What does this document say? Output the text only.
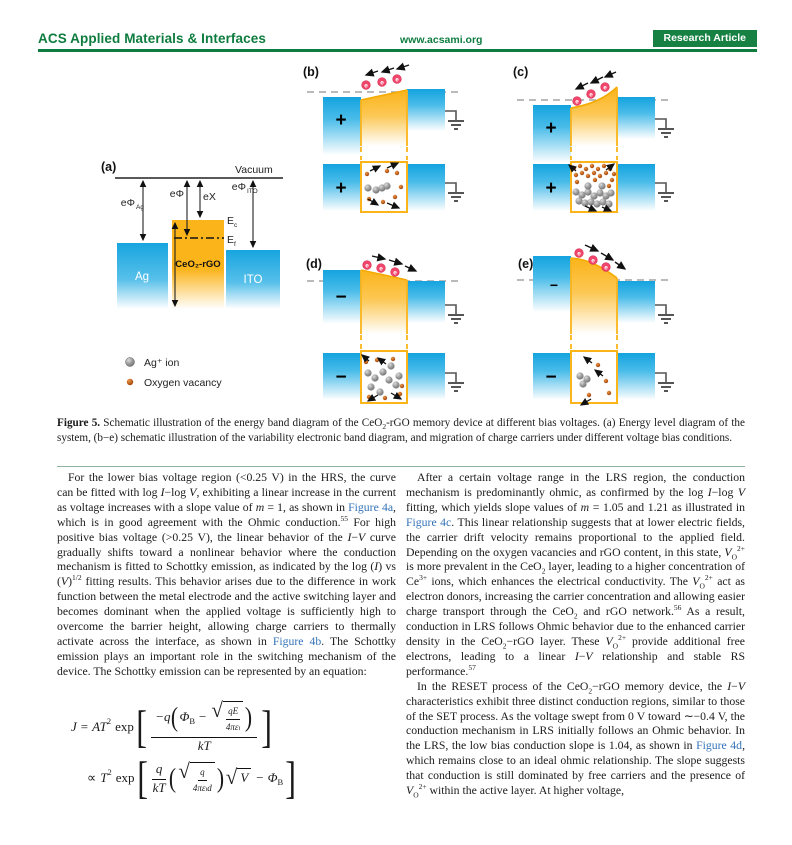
ACS Applied Materials & Interfaces	www.acsami.org	Research Article
(a)	Vacuum
Ag	ITO
CeO₂-rGO
E c
E f
eΦ Ag
eΦ eX
eΦ ITO
Ag⁺ ion
Oxygen vacancy
(b)
+
e e e
+
(c)
+
e
e
e
+
(d)
−
e e
e
−
(e)
−
e
e
e
−

Figure 5. Schematic illustration of the energy band diagram of the CeO$_2$-rGO memory device at different bias voltages. (a) Energy level diagram of the system, (b−e) schematic illustration of the variability electronic band diagram, and migration of charge carriers under different voltage bias conditions.

For the lower bias voltage region (<0.25 V) in the HRS, the curve can be fitted with log I−log V, exhibiting a linear increase in the current as voltage increases with a slope value of m = 1, as shown in Figure 4a, which is in good agreement with the Ohmic conduction.$^{55}$ For high positive bias voltage (>0.25 V), the linear behavior of the I−V curve gradually shifts toward a nonlinear behavior where the conduction mechanism is fitted to Schottky emission, as indicated by the log (I) vs $(V)^{1/2}$ fitting results. This behavior arises due to the difference in work function between the metal electrode and the active switching layer and becomes dominant when the applied voltage is sufficiently high to overcome the barrier height, allowing charge carriers to thermally activate across the interface, as shown in Figure 4b. The Schottky emission plays an important role in the switching mechanism of the device. The Schottky emission can be represented by an equation:

J = AT 2 exp [ −q ( Φ B − √ qE
4πε i )
kT ]
∝ T 2 exp [ $\frac{q}{kT}$ ( √ q
4πε i d ) √ V − Φ B ]

After a certain voltage range in the LRS region, the conduction mechanism is predominantly ohmic, as confirmed by the log I−log V fitting, which yields slope values of m = 1.05 and 1.21 as illustrated in Figure 4c. This linear relationship suggests that at lower electric fields, the carrier drift velocity remains proportional to the applied field. Depending on the oxygen vacancies and rGO content, in this state, $V_O^{2+}$ is more prevalent in the CeO$_2$ layer, leading to a higher concentration of $Ce^{3+}$ ions, which enhances the electrical conductivity. The $V_O^{2+}$ act as electron donors, increasing the carrier concentration and allowing easier charge transport through the CeO$_2$ and rGO network.$^{56}$ As a result, conduction in LRS follows Ohmic behavior due to the enhanced carrier density in the CeO$_2$−rGO layer. These $V_O^{2+}$ provide additional free electrons, leading to a linear I−V relationship and stable RS performance.$^{57}$

In the RESET process of the CeO$_2$−rGO memory device, the I−V characteristics exhibit three distinct conduction regions, similar to those of the SET process. As the voltage swept from 0 V toward ∼−0.4 V, the conduction mechanism in LRS initially follows an Ohmic behavior. In the LRS, the low bias conduction slope is 1.04, as shown in Figure 4d, which remains close to an ideal ohmic relationship. The slope suggests that conduction is still dominated by free carriers and the presence of $V_O^{2+}$ within the active layer. At higher voltage,
